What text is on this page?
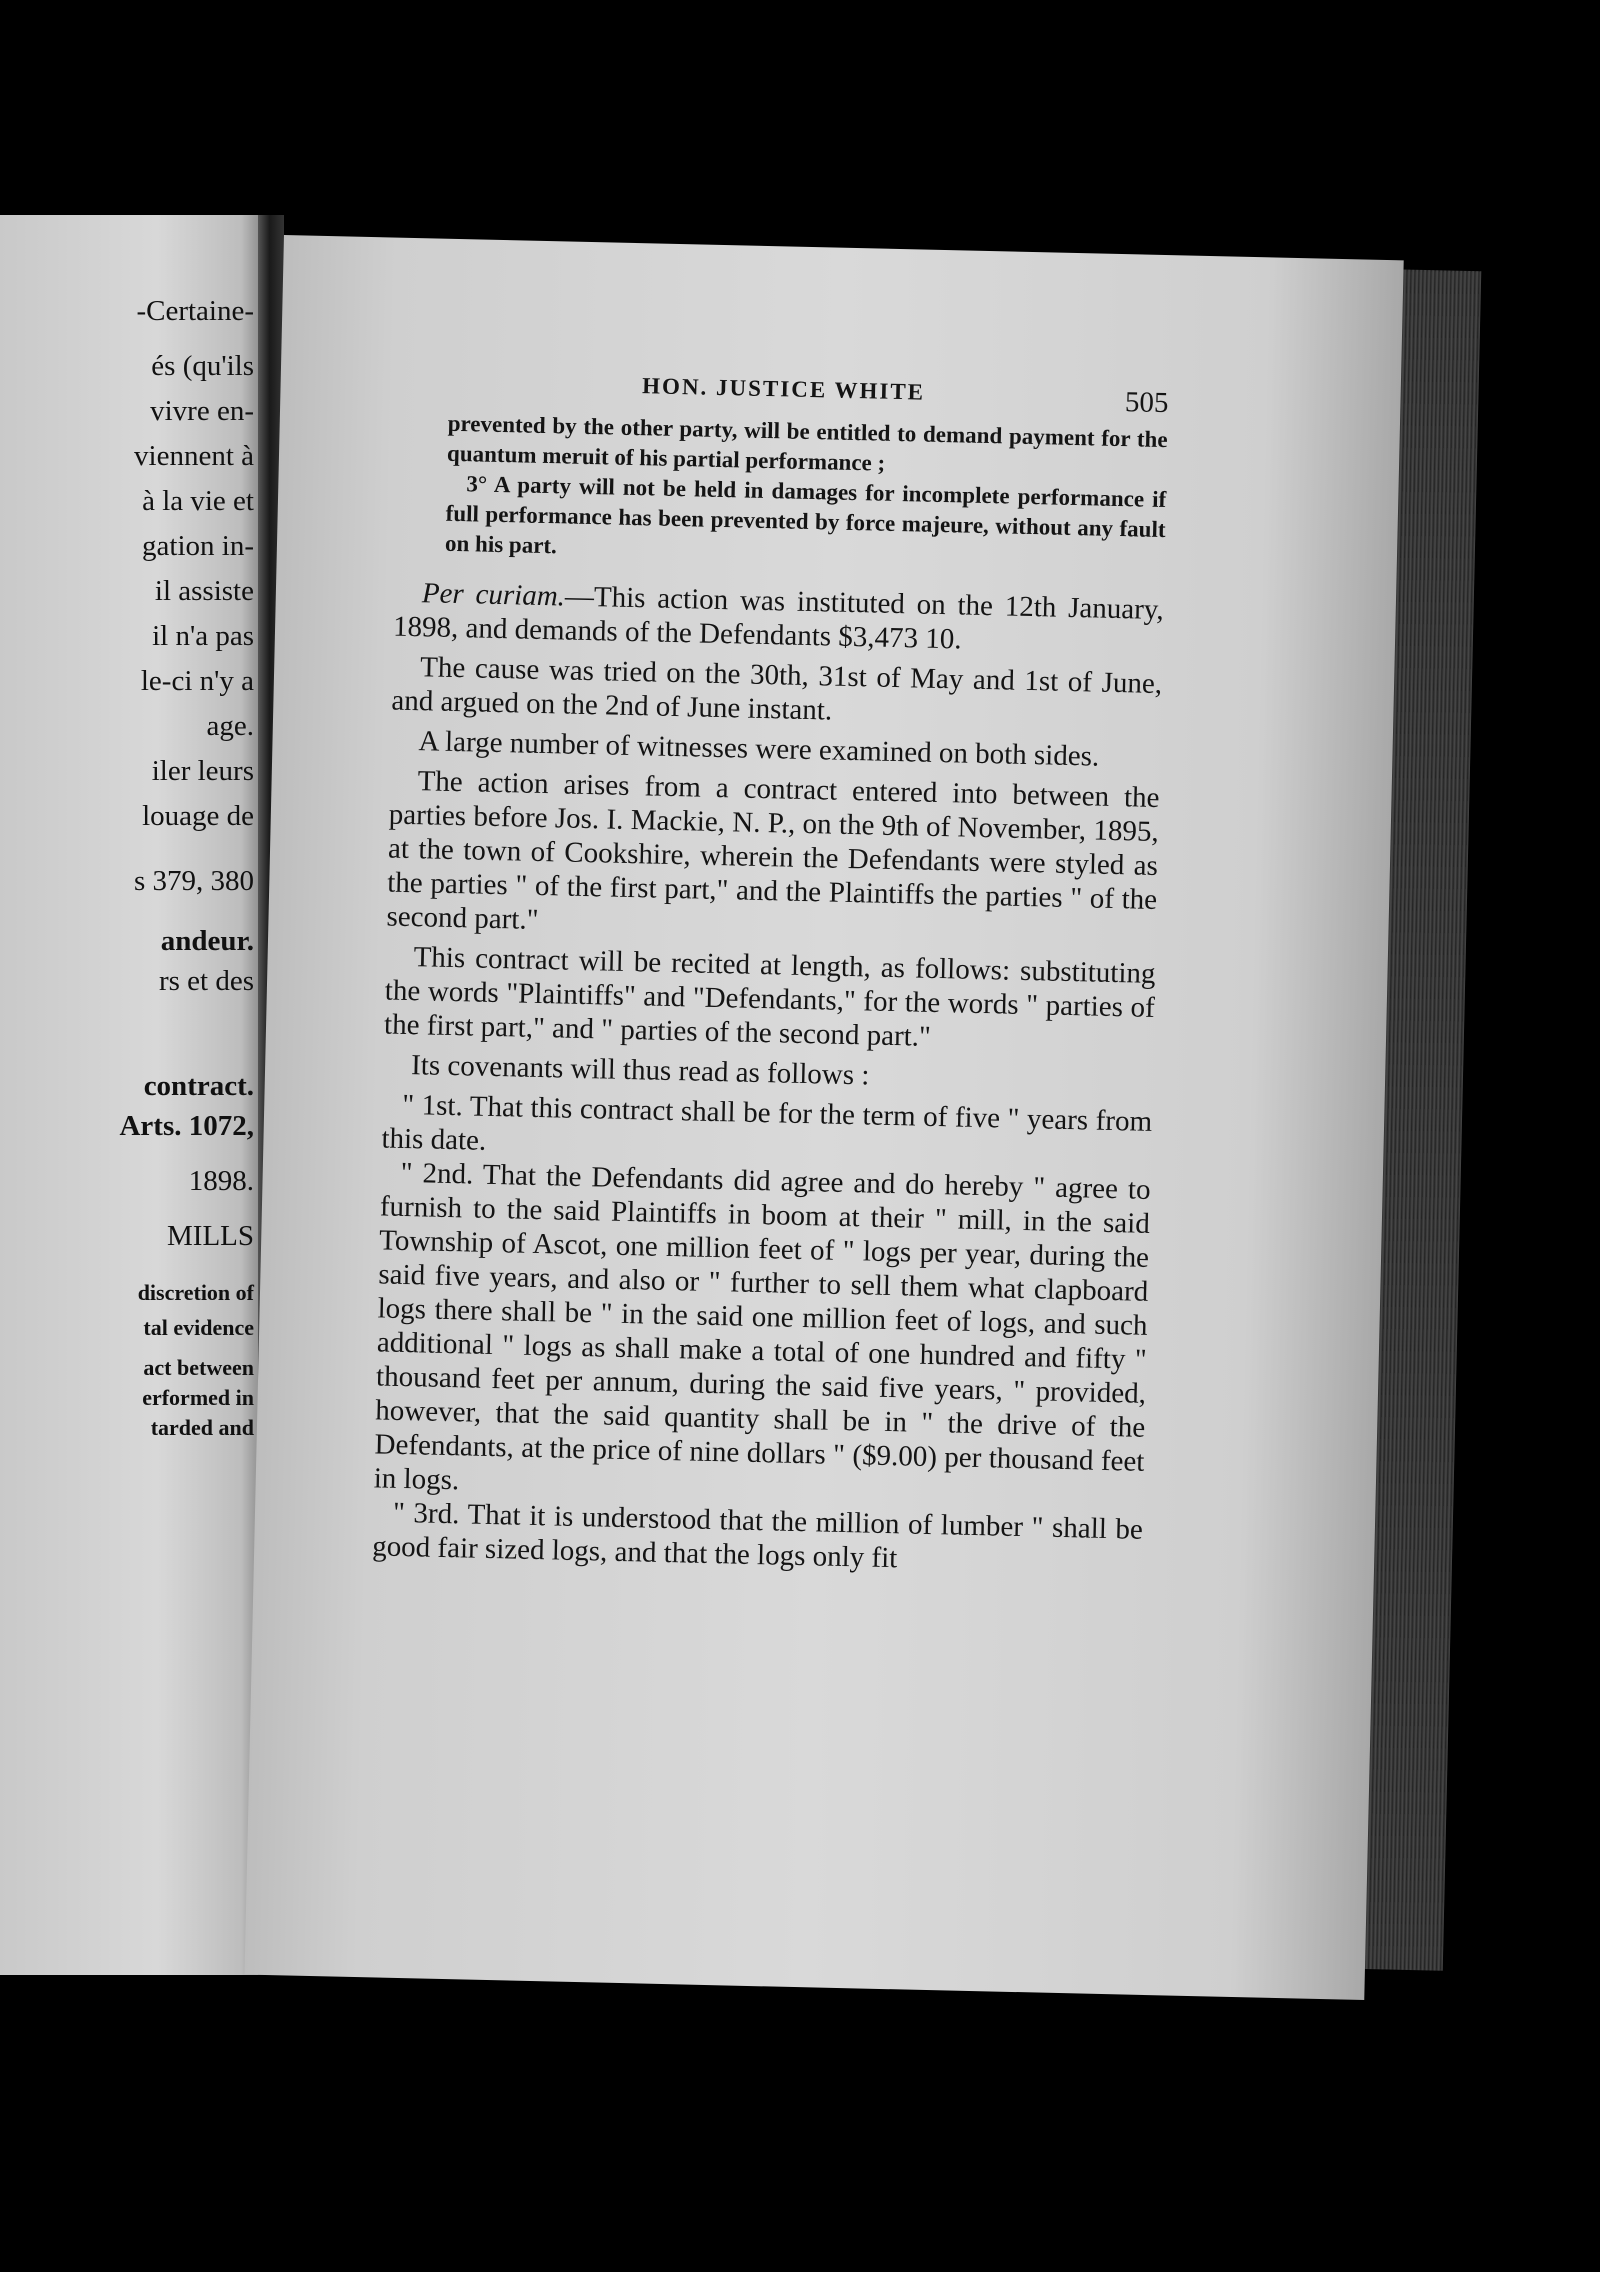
-Certaine-
és (qu'ils
vivre en-
viennent à
à la vie et
gation in-
il assiste
il n'a pas
le-ci n'y a
age.
iler leurs
louage de
s 379, 380
andeur.
rs et des
contract.
Arts. 1072,
1898.
MILLS
discretion of
tal evidence
act between
erformed in
tarded and
HON. JUSTICE WHITE	505

prevented by the other party, will be entitled to demand payment for the quantum meruit of his partial performance ;

3° A party will not be held in damages for incomplete performance if full performance has been prevented by force majeure, without any fault on his part.

Per curiam.—This action was instituted on the 12th January, 1898, and demands of the Defendants $3,473 10.

The cause was tried on the 30th, 31st of May and 1st of June, and argued on the 2nd of June instant.

A large number of witnesses were examined on both sides.

The action arises from a contract entered into between the parties before Jos. I. Mackie, N. P., on the 9th of November, 1895, at the town of Cookshire, wherein the Defendants were styled as the parties " of the first part," and the Plaintiffs the parties " of the second part."

This contract will be recited at length, as follows: substituting the words "Plaintiffs" and "Defendants," for the words " parties of the first part," and " parties of the second part."

Its covenants will thus read as follows :

" 1st. That this contract shall be for the term of five " years from this date.

" 2nd. That the Defendants did agree and do hereby " agree to furnish to the said Plaintiffs in boom at their " mill, in the said Township of Ascot, one million feet of " logs per year, during the said five years, and also or " further to sell them what clapboard logs there shall be " in the said one million feet of logs, and such additional " logs as shall make a total of one hundred and fifty " thousand feet per annum, during the said five years, " provided, however, that the said quantity shall be in " the drive of the Defendants, at the price of nine dollars " ($9.00) per thousand feet in logs.

" 3rd. That it is understood that the million of lumber " shall be good fair sized logs, and that the logs only fit
